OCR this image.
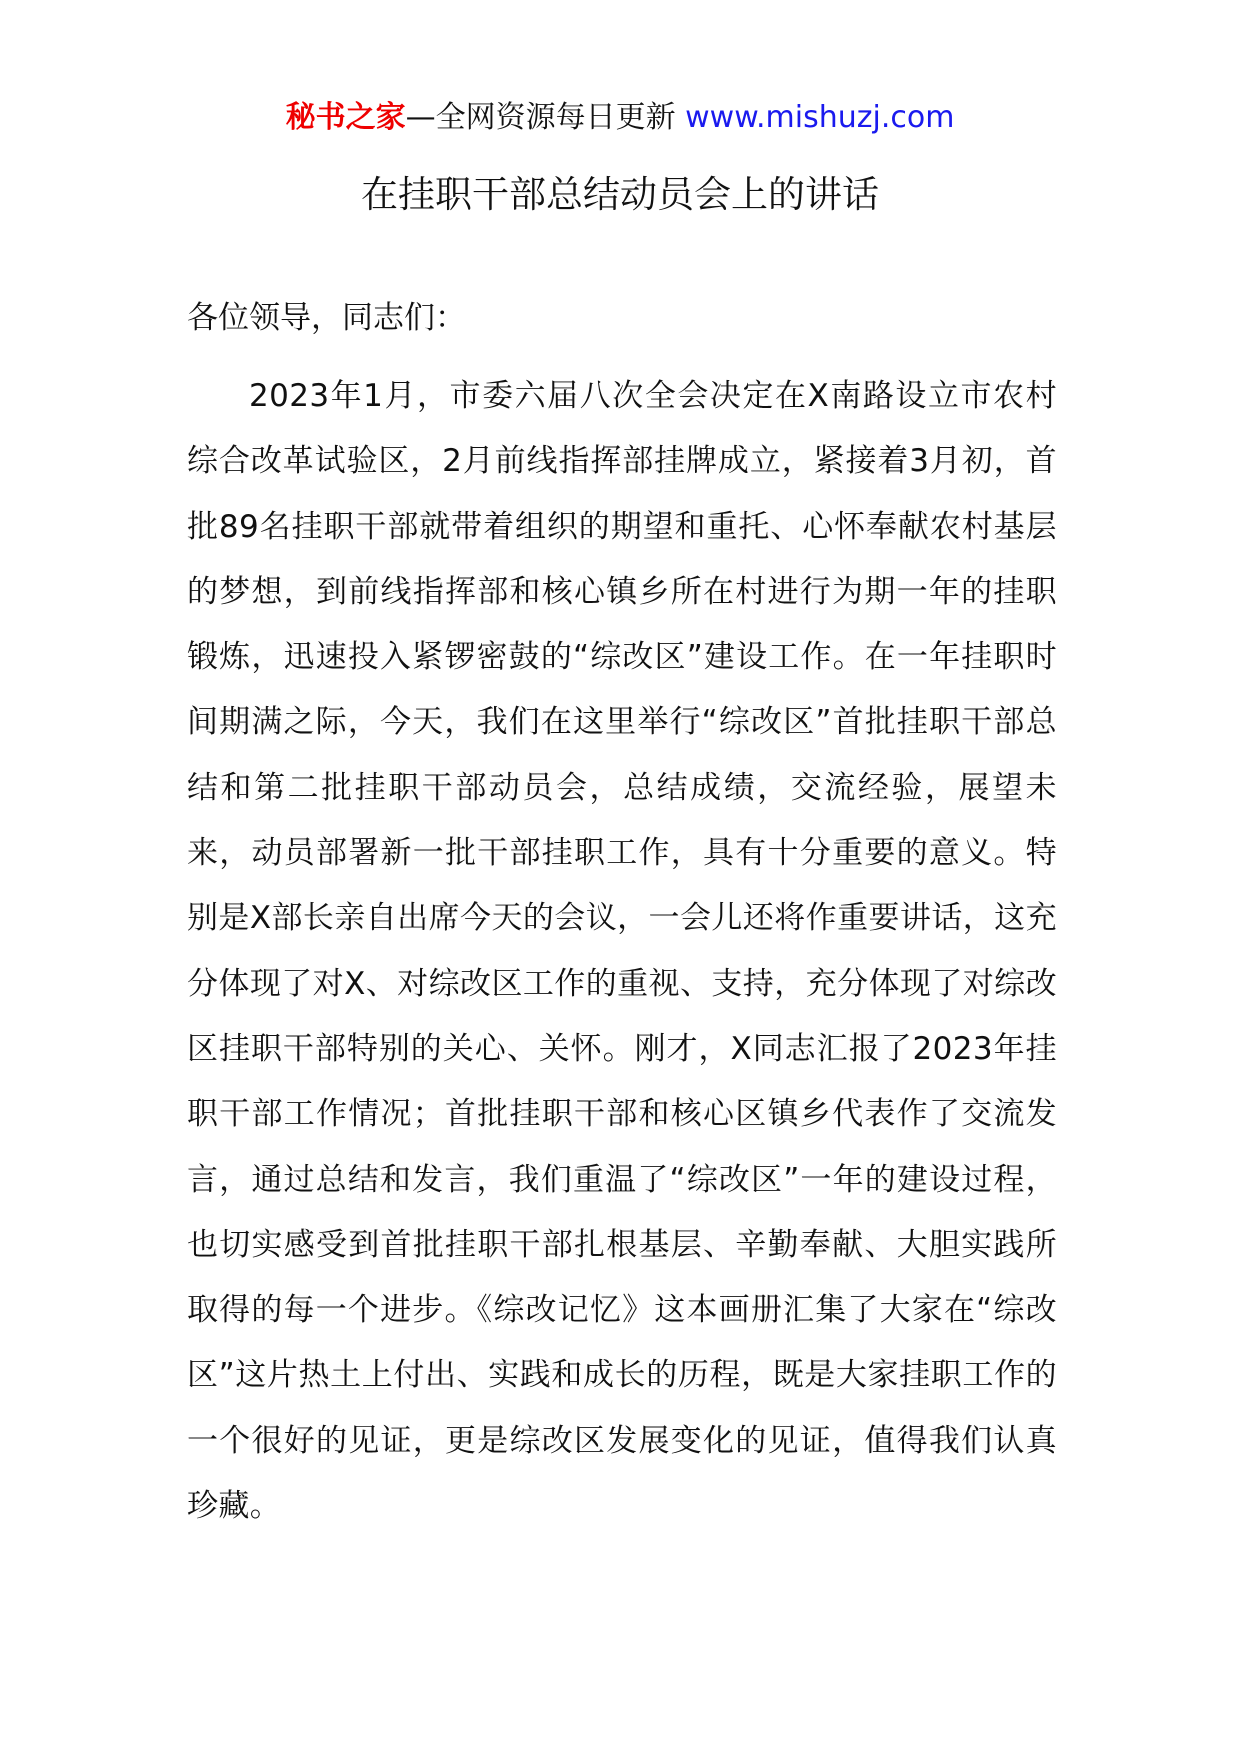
秘书之家—全网资源每日更新 www.mishuzj.com
在挂职干部总结动员会上的讲话

各位领导，同志们：

2023年1月，市委六届八次全会决定在X南路设立市农村综合改革试验区，2月前线指挥部挂牌成立，紧接着3月初，首批89名挂职干部就带着组织的期望和重托、心怀奉献农村基层的梦想，到前线指挥部和核心镇乡所在村进行为期一年的挂职锻炼，迅速投入紧锣密鼓的“综改区”建设工作。在一年挂职时间期满之际，今天，我们在这里举行“综改区”首批挂职干部总结和第二批挂职干部动员会，总结成绩，交流经验，展望未来，动员部署新一批干部挂职工作，具有十分重要的意义。特别是X部长亲自出席今天的会议，一会儿还将作重要讲话，这充分体现了对X、对综改区工作的重视、支持，充分体现了对综改区挂职干部特别的关心、关怀。刚才，X同志汇报了2023年挂职干部工作情况；首批挂职干部和核心区镇乡代表作了交流发言，通过总结和发言，我们重温了“综改区”一年的建设过程，也切实感受到首批挂职干部扎根基层、辛勤奉献、大胆实践所取得的每一个进步。《综改记忆》这本画册汇集了大家在“综改区”这片热土上付出、实践和成长的历程，既是大家挂职工作的一个很好的见证，更是综改区发展变化的见证，值得我们认真珍藏。
